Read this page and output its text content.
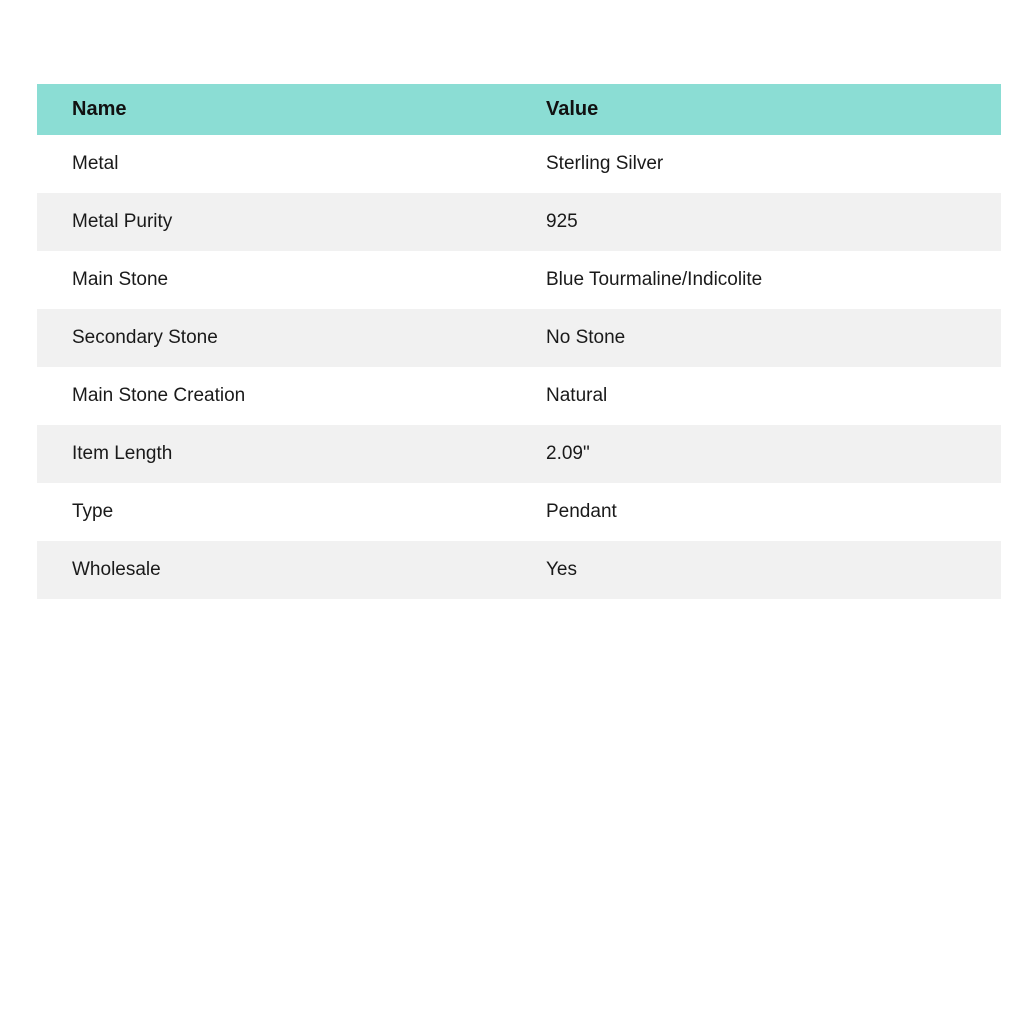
Name	Value
Metal	Sterling Silver
Metal Purity	925
Main Stone	Blue Tourmaline/Indicolite
Secondary Stone	No Stone
Main Stone Creation	Natural
Item Length	2.09"
Type	Pendant
Wholesale	Yes
